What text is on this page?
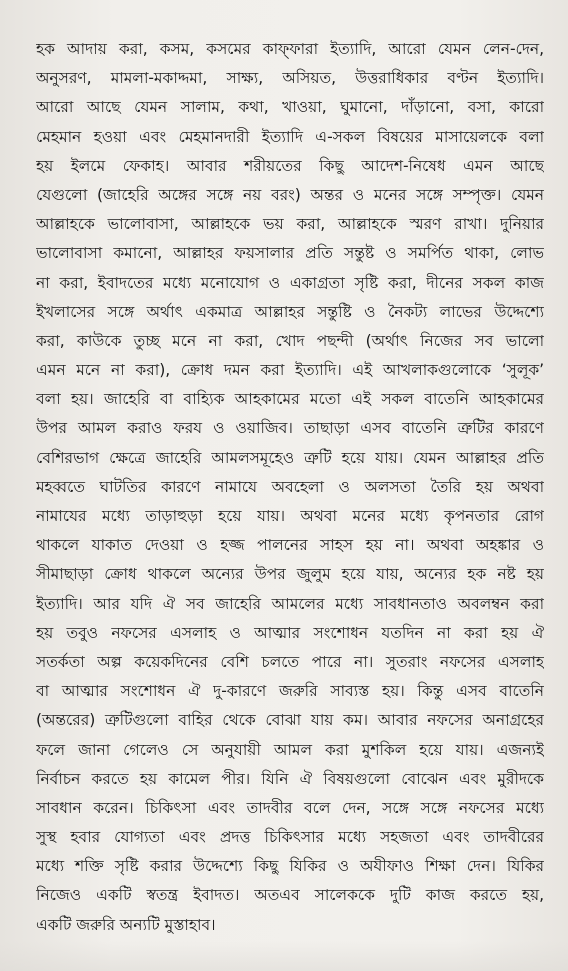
হক আদায় করা, কসম, কসমের কাফ্‌ফারা ইত্যাদি, আরো যেমন লেন-দেন,
অনুসরণ, মামলা-মকাদ্দমা, সাক্ষ্য, অসিয়ত, উত্তরাধিকার বণ্টন ইত্যাদি।
আরো আছে যেমন সালাম, কথা, খাওয়া, ঘুমানো, দাঁড়ানো, বসা, কারো
মেহমান হওয়া এবং মেহমানদারী ইত্যাদি এ-সকল বিষয়ের মাসায়েলকে বলা
হয় ইলমে ফেকাহ। আবার শরীয়তের কিছু আদেশ-নিষেধ এমন আছে
যেগুলো (জাহেরি অঙ্গের সঙ্গে নয় বরং) অন্তর ও মনের সঙ্গে সম্পৃক্ত। যেমন
আল্লাহকে ভালোবাসা, আল্লাহকে ভয় করা, আল্লাহকে স্মরণ রাখা। দুনিয়ার
ভালোবাসা কমানো, আল্লাহর ফয়সালার প্রতি সন্তুষ্ট ও সমর্পিত থাকা, লোভ
না করা, ইবাদতের মধ্যে মনোযোগ ও একাগ্রতা সৃষ্টি করা, দীনের সকল কাজ
ইখলাসের সঙ্গে অর্থাৎ একমাত্র আল্লাহর সন্তুষ্টি ও নৈকট্য লাভের উদ্দেশ্যে
করা, কাউকে তুচ্ছ মনে না করা, খোদ পছন্দী (অর্থাৎ নিজের সব ভালো
এমন মনে না করা), ক্রোধ দমন করা ইত্যাদি। এই আখলাকগুলোকে ‘সুলূক’
বলা হয়। জাহেরি বা বাহ্যিক আহকামের মতো এই সকল বাতেনি আহকামের
উপর আমল করাও ফরয ও ওয়াজিব। তাছাড়া এসব বাতেনি ত্রুটির কারণে
বেশিরভাগ ক্ষেত্রে জাহেরি আমলসমূহেও ত্রুটি হয়ে যায়। যেমন আল্লাহর প্রতি
মহব্বতে ঘাটতির কারণে নামাযে অবহেলা ও অলসতা তৈরি হয় অথবা
নামাযের মধ্যে তাড়াহুড়া হয়ে যায়। অথবা মনের মধ্যে কৃপনতার রোগ
থাকলে যাকাত দেওয়া ও হজ্জ পালনের সাহস হয় না। অথবা অহঙ্কার ও
সীমাছাড়া ক্রোধ থাকলে অন্যের উপর জুলুম হয়ে যায়, অন্যের হক নষ্ট হয়
ইত্যাদি। আর যদি ঐ সব জাহেরি আমলের মধ্যে সাবধানতাও অবলম্বন করা
হয় তবুও নফসের এসলাহ ও আত্মার সংশোধন যতদিন না করা হয় ঐ
সতর্কতা অল্প কয়েকদিনের বেশি চলতে পারে না। সুতরাং নফসের এসলাহ
বা আত্মার সংশোধন ঐ দু-কারণে জরুরি সাব্যস্ত হয়। কিন্তু এসব বাতেনি
(অন্তরের) ত্রুটিগুলো বাহির থেকে বোঝা যায় কম। আবার নফসের অনাগ্রহের
ফলে জানা গেলেও সে অনুযায়ী আমল করা মুশকিল হয়ে যায়। এজন্যই
নির্বাচন করতে হয় কামেল পীর। যিনি ঐ বিষয়গুলো বোঝেন এবং মুরীদকে
সাবধান করেন। চিকিৎসা এবং তাদবীর বলে দেন, সঙ্গে সঙ্গে নফসের মধ্যে
সুস্থ হবার যোগ্যতা এবং প্রদত্ত চিকিৎসার মধ্যে সহজতা এবং তাদবীরের
মধ্যে শক্তি সৃষ্টি করার উদ্দেশ্যে কিছু যিকির ও অযীফাও শিক্ষা দেন। যিকির
নিজেও একটি স্বতন্ত্র ইবাদত। অতএব সালেককে দুটি কাজ করতে হয়,
একটি জরুরি অন্যটি মুস্তাহাব।
